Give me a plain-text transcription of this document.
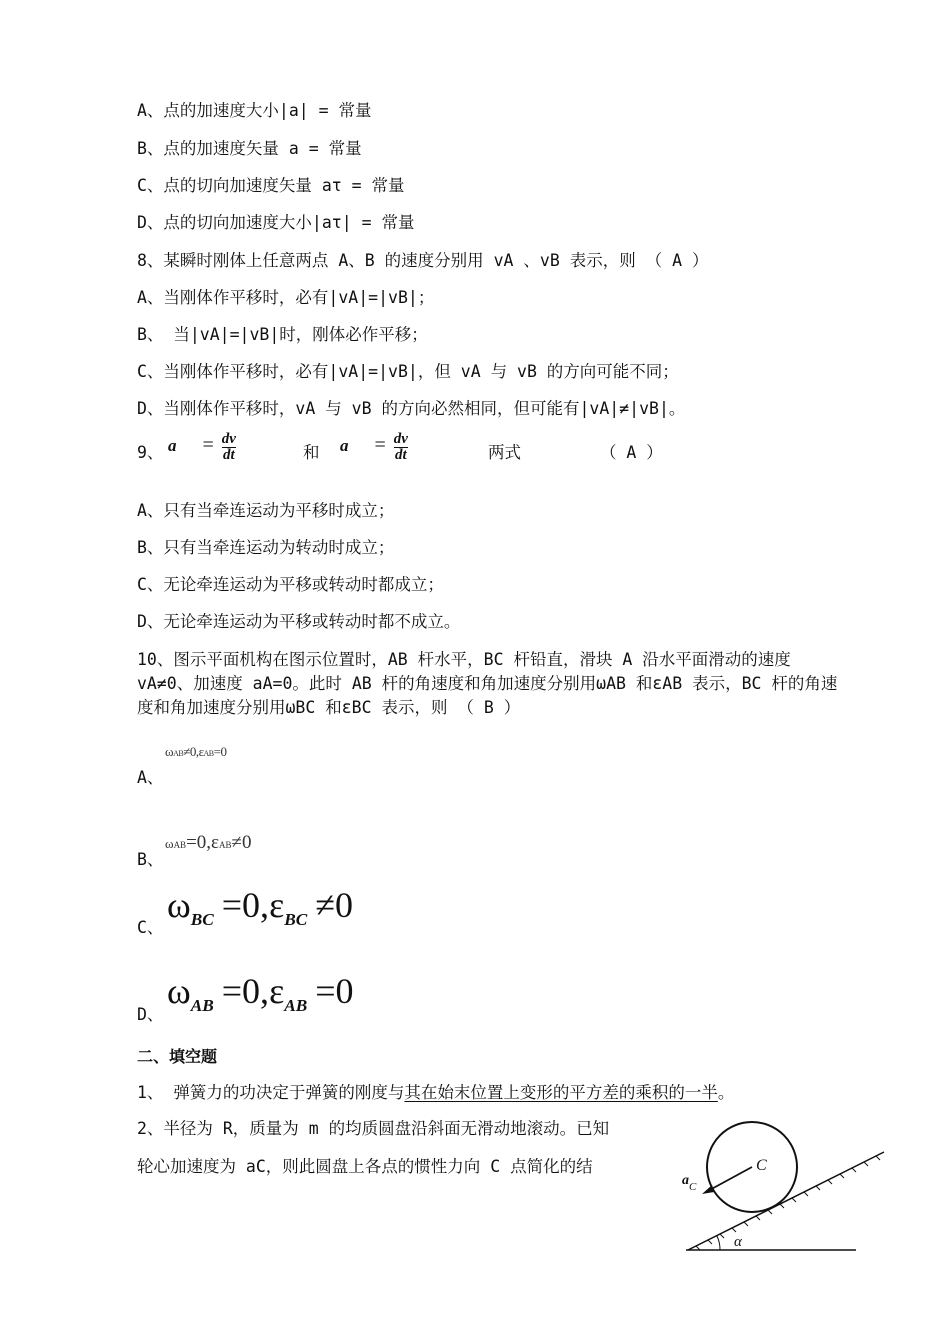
A、点的加速度大小|a| = 常量
B、点的加速度矢量 a = 常量
C、点的切向加速度矢量 aτ = 常量
D、点的切向加速度大小|aτ| = 常量
8、某瞬时刚体上任意两点 A、B 的速度分别用 vA 、vB 表示，则 （ A ）
A、当刚体作平移时，必有|vA|=|vB|；
B、 当|vA|=|vB|时，刚体必作平移；
C、当刚体作平移时，必有|vA|=|vB|，但 vA 与 vB 的方向可能不同；
D、当刚体作平移时，vA 与 vB 的方向必然相同，但可能有|vA|≠|vB|。
9、 $a = \frac{dv}{dt}$	和 $a = \frac{dv}{dt}$	两式	（ A ）
A、只有当牵连运动为平移时成立；
B、只有当牵连运动为转动时成立；
C、无论牵连运动为平移或转动时都成立；
D、无论牵连运动为平移或转动时都不成立。
10、图示平面机构在图示位置时，AB 杆水平，BC 杆铅直，滑块 A 沿水平面滑动的速度
vA≠0、加速度 aA=0。此时 AB 杆的角速度和角加速度分别用ωAB 和εAB 表示，BC 杆的角速
度和角加速度分别用ωBC 和εBC 表示，则 （ B ）
A、
ωAB≠0,εAB=0
B、
ωAB=0,εAB≠0
C、
$\omega_{BC} =0,\varepsilon_{BC} \ne 0$
D、
$\omega_{AB} =0,\varepsilon_{AB} =0$
二、填空题
1、 弹簧力的功决定于弹簧的刚度与其在始末位置上变形的平方差的乘积的一半。
2、半径为 R，质量为 m 的均质圆盘沿斜面无滑动地滚动。已知
轮心加速度为 aC，则此圆盘上各点的惯性力向 C 点简化的结	C
a C
α
